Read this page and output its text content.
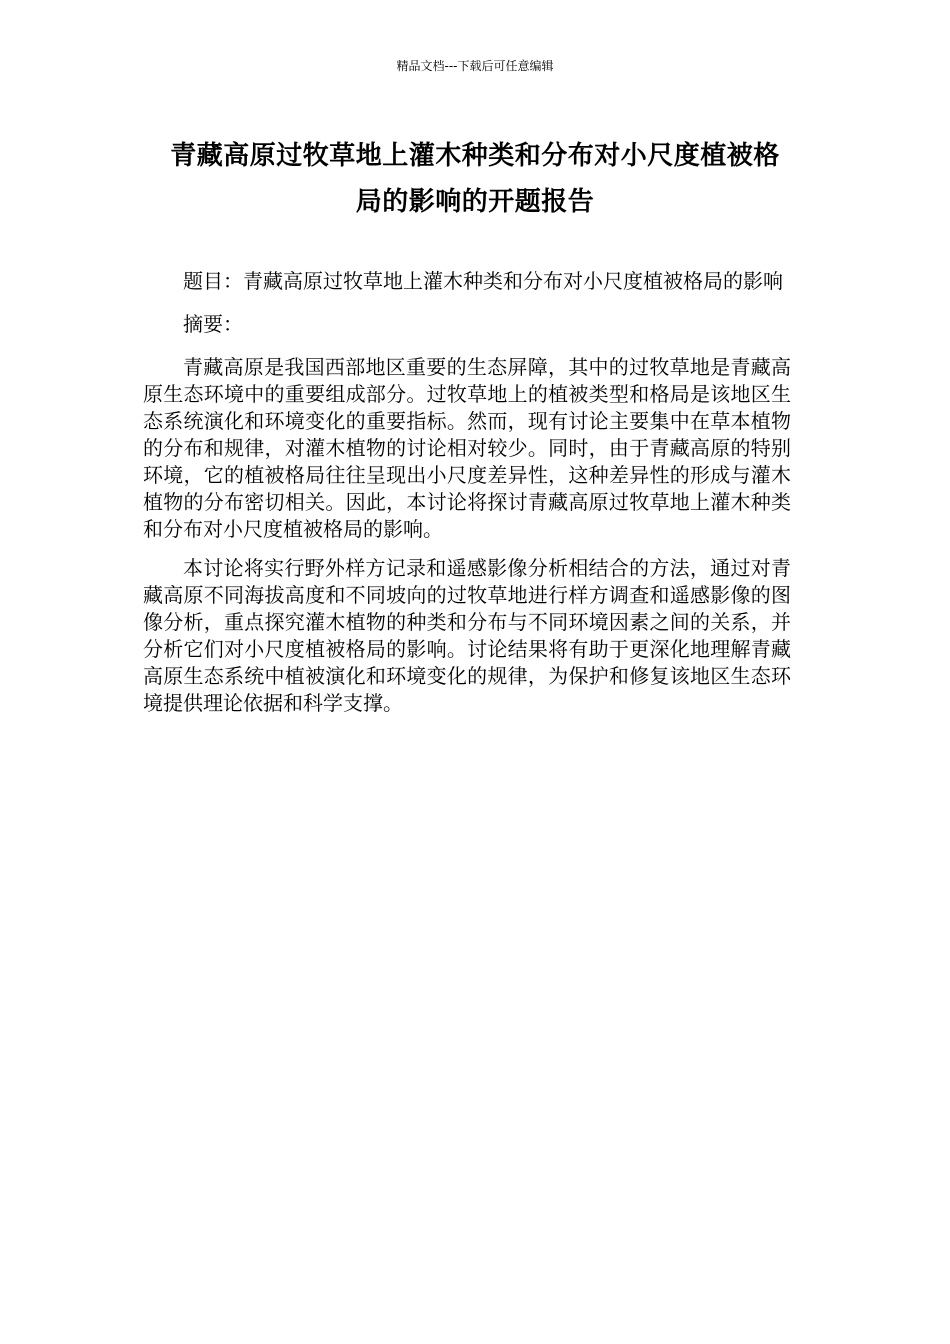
精品文档---下载后可任意编辑
青藏高原过牧草地上灌木种类和分布对小尺度植被格
局的影响的开题报告

题目：青藏高原过牧草地上灌木种类和分布对小尺度植被格局的影响

摘要：

青藏高原是我国西部地区重要的生态屏障，其中的过牧草地是青藏高原生态环境中的重要组成部分。过牧草地上的植被类型和格局是该地区生态系统演化和环境变化的重要指标。然而，现有讨论主要集中在草本植物的分布和规律，对灌木植物的讨论相对较少。同时，由于青藏高原的特别环境，它的植被格局往往呈现出小尺度差异性，这种差异性的形成与灌木植物的分布密切相关。因此，本讨论将探讨青藏高原过牧草地上灌木种类和分布对小尺度植被格局的影响。

本讨论将实行野外样方记录和遥感影像分析相结合的方法，通过对青藏高原不同海拔高度和不同坡向的过牧草地进行样方调查和遥感影像的图像分析，重点探究灌木植物的种类和分布与不同环境因素之间的关系，并分析它们对小尺度植被格局的影响。讨论结果将有助于更深化地理解青藏高原生态系统中植被演化和环境变化的规律，为保护和修复该地区生态环境提供理论依据和科学支撑。
